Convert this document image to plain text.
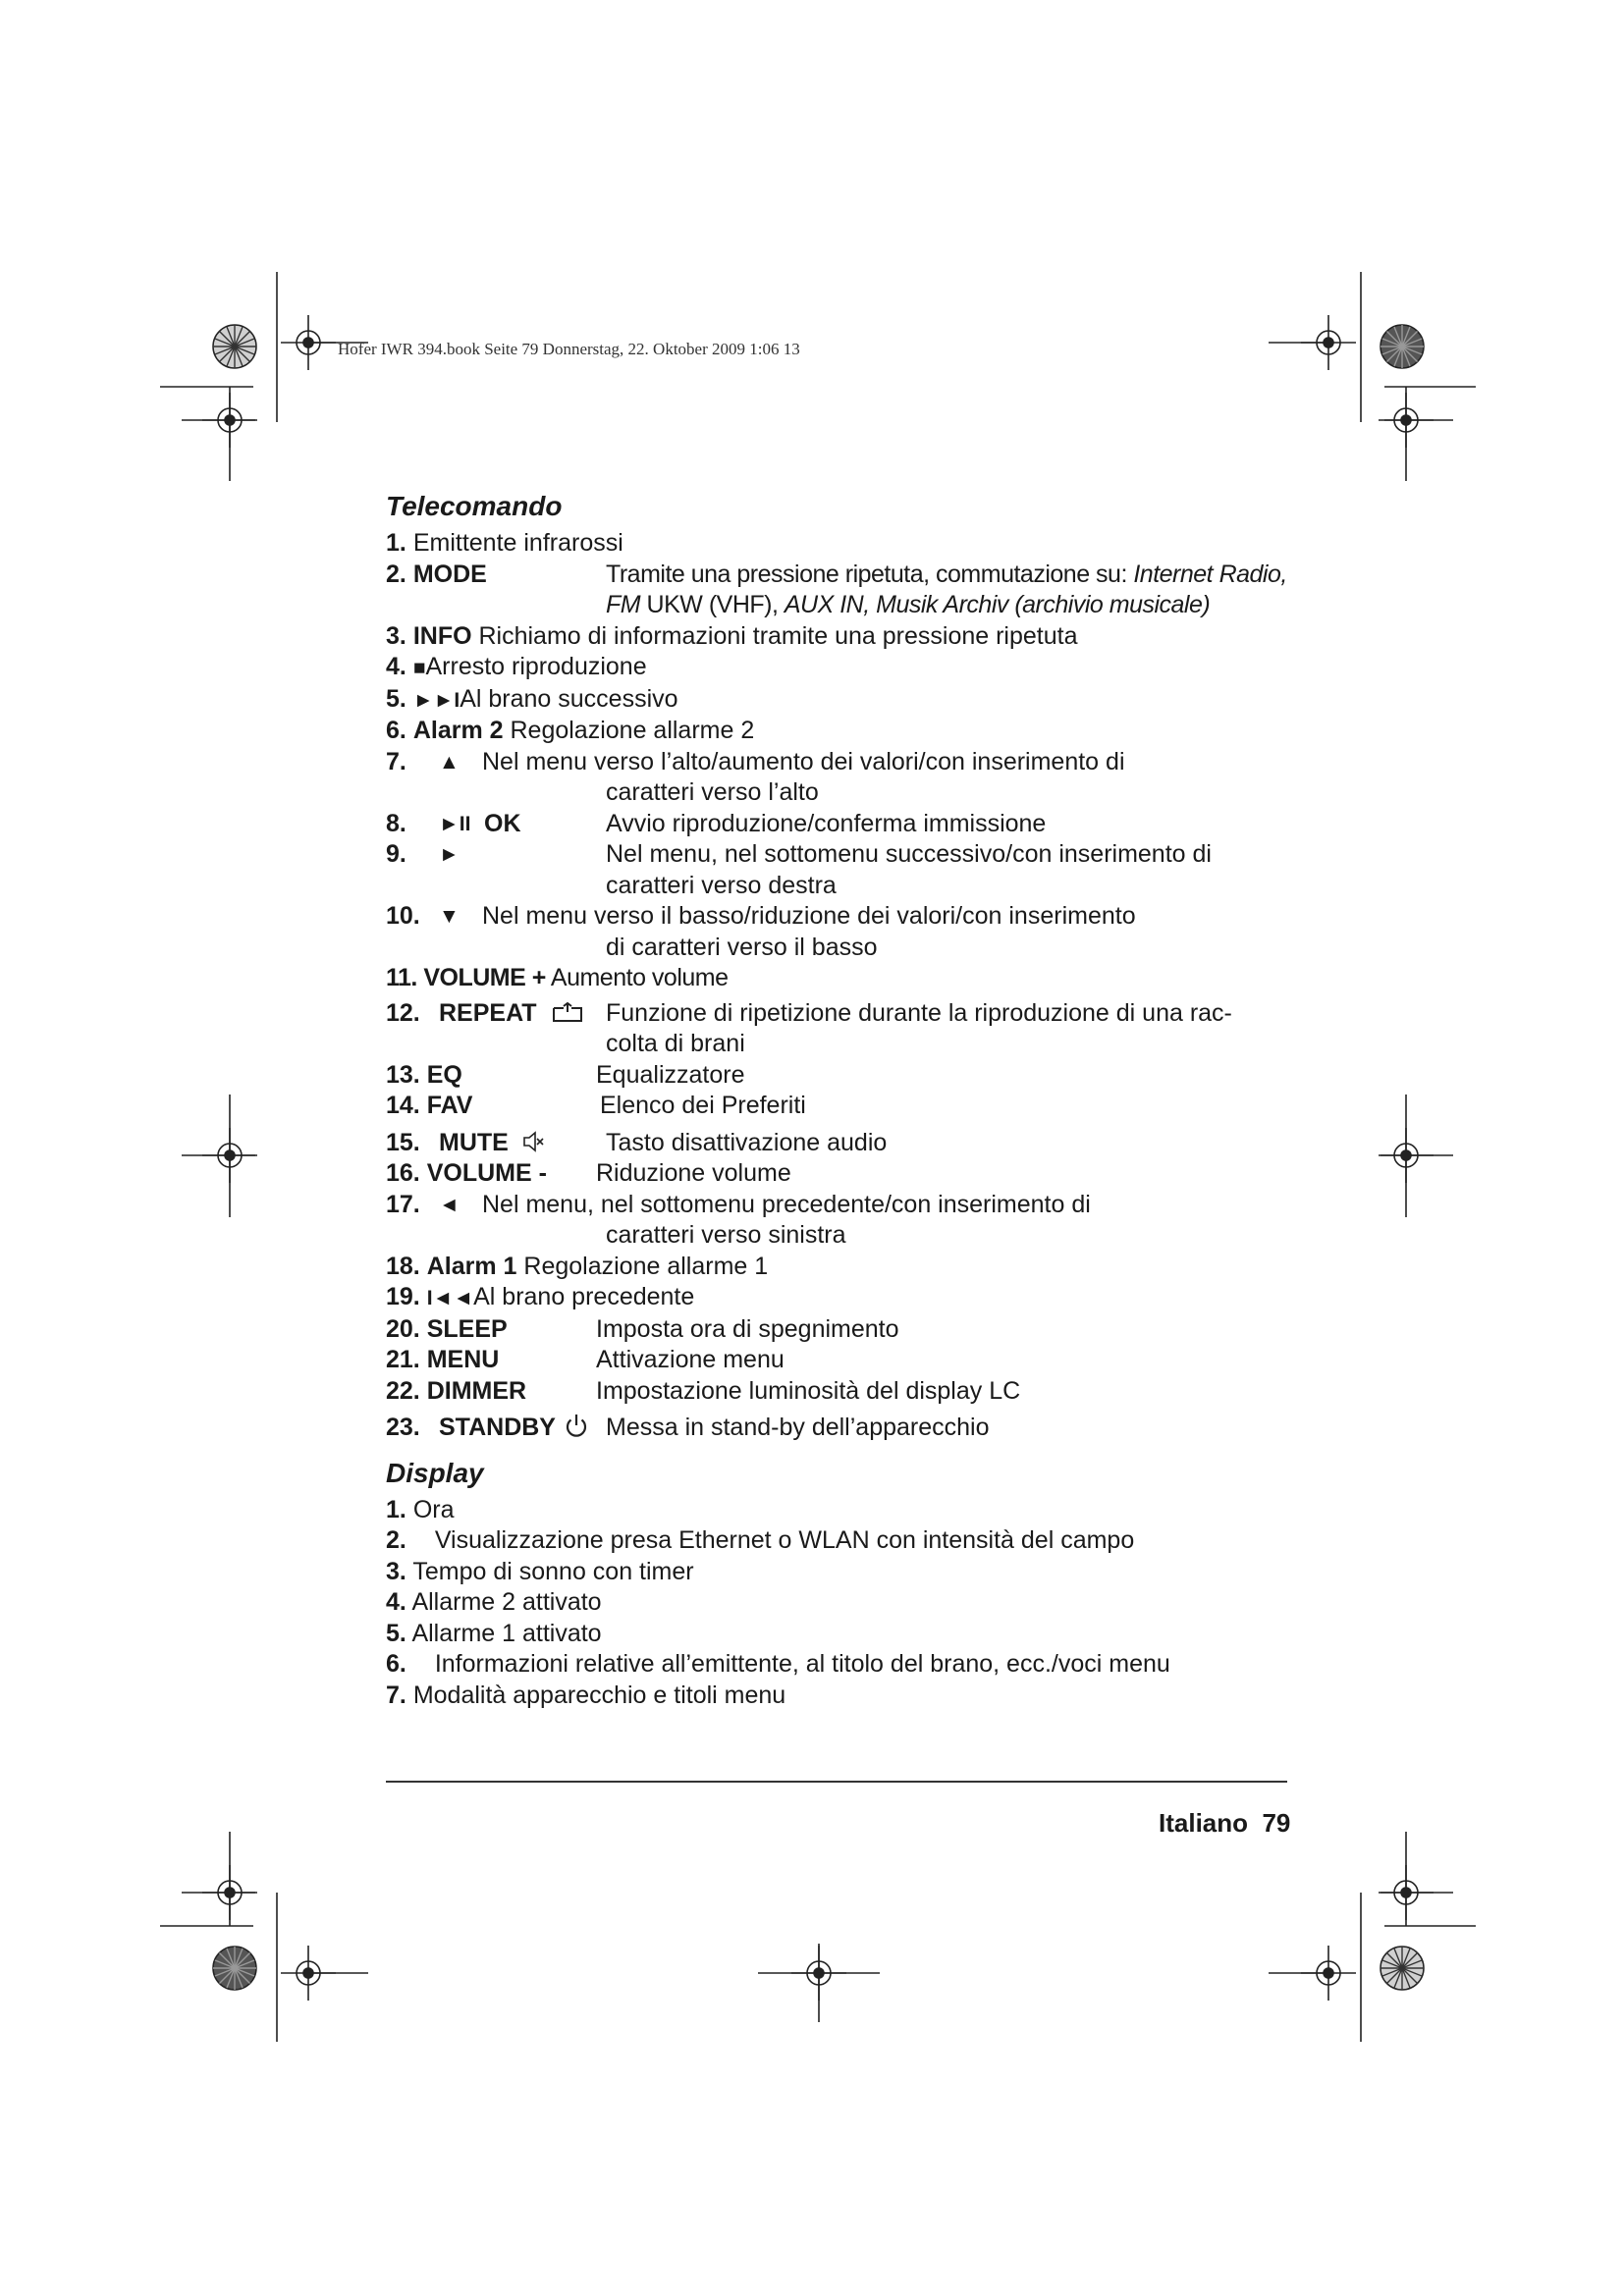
Hofer IWR 394.book Seite 79 Donnerstag, 22. Oktober 2009 1:06 13
Telecomando
1. Emittente infrarossi
2. MODE	Tramite una pressione ripetuta, commutazione su: Internet Radio,
FM UKW (VHF), AUX IN, Musik Archiv (archivio musicale)
3. INFO Richiamo di informazioni tramite una pressione ripetuta
4. ■Arresto riproduzione
5. ►►IAl brano successivo
6. Alarm 2 Regolazione allarme 2
7. ▲ Nel menu verso l’alto/aumento dei valori/con inserimento di
caratteri verso l’alto
8. ►II OK	Avvio riproduzione/conferma immissione
9. ►	Nel menu, nel sottomenu successivo/con inserimento di
caratteri verso destra
10. ▼ Nel menu verso il basso/riduzione dei valori/con inserimento
di caratteri verso il basso
11. VOLUME + Aumento volume
12. REPEAT	Funzione di ripetizione durante la riproduzione di una rac-
colta di brani
13. EQ	Equalizzatore
14. FAV	Elenco dei Preferiti
15. MUTE	Tasto disattivazione audio
16. VOLUME - Riduzione volume
17. ◄ Nel menu, nel sottomenu precedente/con inserimento di
caratteri verso sinistra
18. Alarm 1 Regolazione allarme 1
19. I◄◄Al brano precedente
20. SLEEP	Imposta ora di spegnimento
21. MENU	Attivazione menu
22. DIMMER	Impostazione luminosità del display LC
23. STANDBY Messa in stand-by dell’apparecchio
Display
1. Ora
2. Visualizzazione presa Ethernet o WLAN con intensità del campo
3. Tempo di sonno con timer
4. Allarme 2 attivato
5. Allarme 1 attivato
6. Informazioni relative all’emittente, al titolo del brano, ecc./voci menu
7. Modalità apparecchio e titoli menu
Italiano 79
